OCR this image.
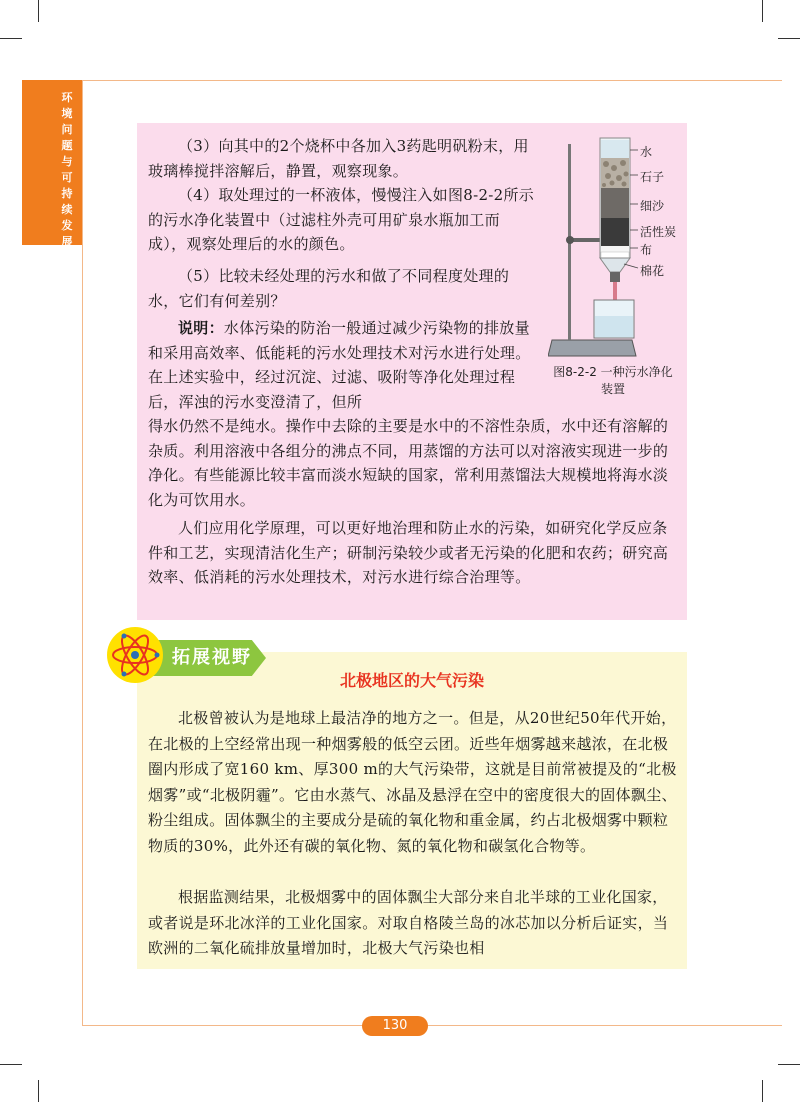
环境问题与可持续发展

（3）向其中的2个烧杯中各加入3药匙明矾粉末，用玻璃棒搅拌溶解后，静置，观察现象。

（4）取处理过的一杯液体，慢慢注入如图8-2-2所示的污水净化装置中（过滤柱外壳可用矿泉水瓶加工而成），观察处理后的水的颜色。

（5）比较未经处理的污水和做了不同程度处理的水，它们有何差别？

说明：水体污染的防治一般通过减少污染物的排放量和采用高效率、低能耗的污水处理技术对污水进行处理。在上述实验中，经过沉淀、过滤、吸附等净化处理过程后，浑浊的污水变澄清了，但所

得水仍然不是纯水。操作中去除的主要是水中的不溶性杂质，水中还有溶解的杂质。利用溶液中各组分的沸点不同，用蒸馏的方法可以对溶液实现进一步的净化。有些能源比较丰富而淡水短缺的国家，常利用蒸馏法大规模地将海水淡化为可饮用水。

人们应用化学原理，可以更好地治理和防止水的污染，如研究化学反应条件和工艺，实现清洁化生产；研制污染较少或者无污染的化肥和农药；研究高效率、低消耗的污水处理技术，对污水进行综合治理等。

水
石子
细沙
活性炭
布
棉花
图8-2-2 一种污水净化装置
拓展视野
北极地区的大气污染

北极曾被认为是地球上最洁净的地方之一。但是，从20世纪50年代开始，在北极的上空经常出现一种烟雾般的低空云团。近些年烟雾越来越浓，在北极圈内形成了宽160 km、厚300 m的大气污染带，这就是目前常被提及的“北极烟雾”或“北极阴霾”。它由水蒸气、冰晶及悬浮在空中的密度很大的固体飘尘、粉尘组成。固体飘尘的主要成分是硫的氧化物和重金属，约占北极烟雾中颗粒物质的30%，此外还有碳的氧化物、氮的氧化物和碳氢化合物等。

根据监测结果，北极烟雾中的固体飘尘大部分来自北半球的工业化国家，或者说是环北冰洋的工业化国家。对取自格陵兰岛的冰芯加以分析后证实，当欧洲的二氧化硫排放量增加时，北极大气污染也相

130
